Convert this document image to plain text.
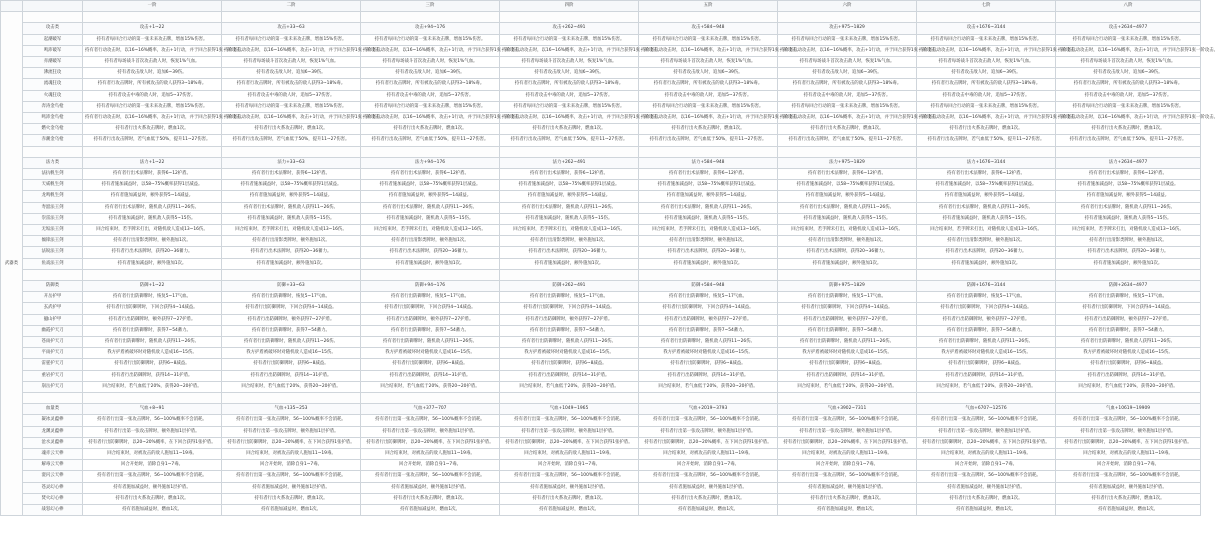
		一阶	二阶	三阶	四阶	五阶	六阶	七阶	八阶
武器类									
	攻击类	攻击+1~22	攻击+33~63	攻击+94~176	攻击+262~491	攻击+584~948	攻击+975~1829	攻击+1676~3144	攻击+2634~4977
	起潮破军	持有者每回合行动的第一张未来攻击牌，增加15%伤害。	持有者每回合行动的第一张未来攻击牌，增加15%伤害。	持有者每回合行动的第一张未来攻击牌，增加15%伤害。	持有者每回合行动的第一张未来攻击牌，增加15%伤害。	持有者每回合行动的第一张未来攻击牌，增加15%伤害。	持有者每回合行动的第一张未来攻击牌，增加15%伤害。	持有者每回合行动的第一张未来攻击牌，增加15%伤害。	持有者每回合行动的第一张未来攻击牌，增加15%伤害。
	鸣沛破军	持有者行动攻击时，以16~16%概率，攻击+1行动，并于回合获得1张一阶攻击。	持有者行动攻击时，以16~16%概率，攻击+1行动，并于回合获得1张一阶攻击。	持有者行动攻击时，以16~16%概率，攻击+1行动，并于回合获得1张一阶攻击。	持有者行动攻击时，以16~16%概率，攻击+1行动，并于回合获得1张一阶攻击。	持有者行动攻击时，以16~16%概率，攻击+1行动，并于回合获得1张一阶攻击。	持有者行动攻击时，以16~16%概率，攻击+1行动，并于回合获得1张一阶攻击。	持有者行动攻击时，以16~16%概率，攻击+1行动，并于回合获得1张一阶攻击。	持有者行动攻击时，以16~16%概率，攻击+1行动，并于回合获得1张一阶攻击。
	赤潮破军	持有者每场战斗首次攻击敌人时，恢复1%气血。	持有者每场战斗首次攻击敌人时，恢复1%气血。	持有者每场战斗首次攻击敌人时，恢复1%气血。	持有者每场战斗首次攻击敌人时，恢复1%气血。	持有者每场战斗首次攻击敌人时，恢复1%气血。	持有者每场战斗首次攻击敌人时，恢复1%气血。	持有者每场战斗首次攻击敌人时，恢复1%气血。	持有者每场战斗首次攻击敌人时，恢复1%气血。
	沸流狂攻	持有者攻击敌人时，追加6~39伤。	持有者攻击敌人时，追加6~39伤。	持有者攻击敌人时，追加6~39伤。	持有者攻击敌人时，追加6~39伤。	持有者攻击敌人时，追加6~39伤。	持有者攻击敌人时，追加6~39伤。	持有者攻击敌人时，追加6~39伤。	持有者攻击敌人时，追加6~39伤。
	流魂狂攻	持有者行攻击牌时，所有被攻击的敌人获得3~18%毒。	持有者行攻击牌时，所有被攻击的敌人获得3~18%毒。	持有者行攻击牌时，所有被攻击的敌人获得3~18%毒。	持有者行攻击牌时，所有被攻击的敌人获得3~18%毒。	持有者行攻击牌时，所有被攻击的敌人获得3~18%毒。	持有者行攻击牌时，所有被攻击的敌人获得3~18%毒。	持有者行攻击牌时，所有被攻击的敌人获得3~18%毒。	持有者行攻击牌时，所有被攻击的敌人获得3~18%毒。
	火魂狂攻	持有者攻击中毒的敌人时，追加5~37伤害。	持有者攻击中毒的敌人时，追加5~37伤害。	持有者攻击中毒的敌人时，追加5~37伤害。	持有者攻击中毒的敌人时，追加5~37伤害。	持有者攻击中毒的敌人时，追加5~37伤害。	持有者攻击中毒的敌人时，追加5~37伤害。	持有者攻击中毒的敌人时，追加5~37伤害。	持有者攻击中毒的敌人时，追加5~37伤害。
	奔涛金鸟枪	持有者每回合行动的第一张未来攻击牌，增加15%伤害。	持有者每回合行动的第一张未来攻击牌，增加15%伤害。	持有者每回合行动的第一张未来攻击牌，增加15%伤害。	持有者每回合行动的第一张未来攻击牌，增加15%伤害。	持有者每回合行动的第一张未来攻击牌，增加15%伤害。	持有者每回合行动的第一张未来攻击牌，增加15%伤害。	持有者每回合行动的第一张未来攻击牌，增加15%伤害。	持有者每回合行动的第一张未来攻击牌，增加15%伤害。
	鸣沛金鸟枪	持有者行动攻击时，以16~16%概率，攻击+1行动，并于回合获得1张一阶攻击。	持有者行动攻击时，以16~16%概率，攻击+1行动，并于回合获得1张一阶攻击。	持有者行动攻击时，以16~16%概率，攻击+1行动，并于回合获得1张一阶攻击。	持有者行动攻击时，以16~16%概率，攻击+1行动，并于回合获得1张一阶攻击。	持有者行动攻击时，以16~16%概率，攻击+1行动，并于回合获得1张一阶攻击。	持有者行动攻击时，以16~16%概率，攻击+1行动，并于回合获得1张一阶攻击。	持有者行动攻击时，以16~16%概率，攻击+1行动，并于回合获得1张一阶攻击。	持有者行动攻击时，以16~16%概率，攻击+1行动，并于回合获得1张一阶攻击。
	燃火金乌枪	持有者行出火系攻击牌时，燃血1次。	持有者行出火系攻击牌时，燃血1次。	持有者行出火系攻击牌时，燃血1次。	持有者行出火系攻击牌时，燃血1次。	持有者行出火系攻击牌时，燃血1次。	持有者行出火系攻击牌时，燃血1次。	持有者行出火系攻击牌时，燃血1次。	持有者行出火系攻击牌时，燃血1次。
	赤潮金乌枪	持有者行出攻击牌时，若气血低于50%，提升11~27伤害。	持有者行出攻击牌时，若气血低于50%，提升11~27伤害。	持有者行出攻击牌时，若气血低于50%，提升11~27伤害。	持有者行出攻击牌时，若气血低于50%，提升11~27伤害。	持有者行出攻击牌时，若气血低于50%，提升11~27伤害。	持有者行出攻击牌时，若气血低于50%，提升11~27伤害。	持有者行出攻击牌时，若气血低于50%，提升11~27伤害。	持有者行出攻击牌时，若气血低于50%，提升11~27伤害。

	法力类	法力+1~22	法力+33~63	法力+94~176	法力+262~491	法力+584~948	法力+975~1829	法力+1676~3144	法力+2634~4977
	法抗帆生剑	持有者行出术法牌时，获得6~12护盾。	持有者行出术法牌时，获得6~12护盾。	持有者行出术法牌时，获得6~12护盾。	持有者行出术法牌时，获得6~12护盾。	持有者行出术法牌时，获得6~12护盾。	持有者行出术法牌时，获得6~12护盾。	持有者行出术法牌时，获得6~12护盾。	持有者行出术法牌时，获得6~12护盾。
	天威帆生剑	持有者施加减益时，以58~75%概率获得1层减益。	持有者施加减益时，以58~75%概率获得1层减益。	持有者施加减益时，以58~75%概率获得1层减益。	持有者施加减益时，以58~75%概率获得1层减益。	持有者施加减益时，以58~75%概率获得1层减益。	持有者施加减益时，以58~75%概率获得1层减益。	持有者施加减益时，以58~75%概率获得1层减益。	持有者施加减益时，以58~75%概率获得1层减益。
	龙鸣帆生剑	持有者施加减益时，额外获得5~14减益。	持有者施加减益时，额外获得5~14减益。	持有者施加减益时，额外获得5~14减益。	持有者施加减益时，额外获得5~14减益。	持有者施加减益时，额外获得5~14减益。	持有者施加减益时，额外获得5~14减益。	持有者施加减益时，额外获得5~14减益。	持有者施加减益时，额外获得5~14减益。
	寿韶法王剑	持有者行出术法牌时，随机敌人获得11~26伤。	持有者行出术法牌时，随机敌人获得11~26伤。	持有者行出术法牌时，随机敌人获得11~26伤。	持有者行出术法牌时，随机敌人获得11~26伤。	持有者行出术法牌时，随机敌人获得11~26伤。	持有者行出术法牌时，随机敌人获得11~26伤。	持有者行出术法牌时，随机敌人获得11~26伤。	持有者行出术法牌时，随机敌人获得11~26伤。
	崇雷法王剑	持有者施加减益时，随机敌人获得5~15伤。	持有者施加减益时，随机敌人获得5~15伤。	持有者施加减益时，随机敌人获得5~15伤。	持有者施加减益时，随机敌人获得5~15伤。	持有者施加减益时，随机敌人获得5~15伤。	持有者施加减益时，随机敌人获得5~15伤。	持有者施加减益时，随机敌人获得5~15伤。	持有者施加减益时，随机敌人获得5~15伤。
	无垢法王剑	回合结束时，若手牌未打出，对随机敌人造成13~16伤。	回合结束时，若手牌未打出，对随机敌人造成13~16伤。	回合结束时，若手牌未打出，对随机敌人造成13~16伤。	回合结束时，若手牌未打出，对随机敌人造成13~16伤。	回合结束时，若手牌未打出，对随机敌人造成13~16伤。	回合结束时，若手牌未打出，对随机敌人造成13~16伤。	回合结束时，若手牌未打出，对随机敌人造成13~16伤。	回合结束时，若手牌未打出，对随机敌人造成13~16伤。
	倾锋法王剑	持有者行出清影类牌时，额外施加1次。	持有者行出清影类牌时，额外施加1次。	持有者行出清影类牌时，额外施加1次。	持有者行出清影类牌时，额外施加1次。	持有者行出清影类牌时，额外施加1次。	持有者行出清影类牌时，额外施加1次。	持有者行出清影类牌时，额外施加1次。	持有者行出清影类牌时，额外施加1次。
	法锐法王剑	持有者行出术法牌时，获得20~36蓄力。	持有者行出术法牌时，获得20~36蓄力。	持有者行出术法牌时，获得20~36蓄力。	持有者行出术法牌时，获得20~36蓄力。	持有者行出术法牌时，获得20~36蓄力。	持有者行出术法牌时，获得20~36蓄力。	持有者行出术法牌时，获得20~36蓄力。	持有者行出术法牌时，获得20~36蓄力。
	鱼戏法王剑	持有者施加减益时，额外施加1次。	持有者施加减益时，额外施加1次。	持有者施加减益时，额外施加1次。	持有者施加减益时，额外施加1次。	持有者施加减益时，额外施加1次。	持有者施加减益时，额外施加1次。	持有者施加减益时，额外施加1次。	持有者施加减益时，额外施加1次。

	防御类	防御+1~22	防御+33~63	防御+94~176	防御+262~491	防御+584~948	防御+975~1829	防御+1676~3144	防御+2634~4977
	开岳护甲	持有者行出防御牌时，恢复5~17气血。	持有者行出防御牌时，恢复5~17气血。	持有者行出防御牌时，恢复5~17气血。	持有者行出防御牌时，恢复5~17气血。	持有者行出防御牌时，恢复5~17气血。	持有者行出防御牌时，恢复5~17气血。	持有者行出防御牌时，恢复5~17气血。	持有者行出防御牌时，恢复5~17气血。
	玄武护甲	持有者行出防御牌时，下回合获得4~14减益。	持有者行出防御牌时，下回合获得4~14减益。	持有者行出防御牌时，下回合获得4~14减益。	持有者行出防御牌时，下回合获得4~14减益。	持有者行出防御牌时，下回合获得4~14减益。	持有者行出防御牌时，下回合获得4~14减益。	持有者行出防御牌时，下回合获得4~14减益。	持有者行出防御牌时，下回合获得4~14减益。
	撼山护甲	持有者行出防御牌时，额外获得7~27护盾。	持有者行出防御牌时，额外获得7~27护盾。	持有者行出防御牌时，额外获得7~27护盾。	持有者行出防御牌时，额外获得7~27护盾。	持有者行出防御牌时，额外获得7~27护盾。	持有者行出防御牌时，额外获得7~27护盾。	持有者行出防御牌时，额外获得7~27护盾。	持有者行出防御牌时，额外获得7~27护盾。
	幽霞护天刀	持有者行出防御牌时，获得7~54蓄力。	持有者行出防御牌时，获得7~54蓄力。	持有者行出防御牌时，获得7~54蓄力。	持有者行出防御牌时，获得7~54蓄力。	持有者行出防御牌时，获得7~54蓄力。	持有者行出防御牌时，获得7~54蓄力。	持有者行出防御牌时，获得7~54蓄力。	持有者行出防御牌时，获得7~54蓄力。
	苍雨护天刀	持有者行出防御牌时，随机敌人获得11~26伤。	持有者行出防御牌时，随机敌人获得11~26伤。	持有者行出防御牌时，随机敌人获得11~26伤。	持有者行出防御牌时，随机敌人获得11~26伤。	持有者行出防御牌时，随机敌人获得11~26伤。	持有者行出防御牌时，随机敌人获得11~26伤。	持有者行出防御牌时，随机敌人获得11~26伤。	持有者行出防御牌时，随机敌人获得11~26伤。
	平雨护天刀	我方护盾被破坏时对随机敌人造成16~15伤。	我方护盾被破坏时对随机敌人造成16~15伤。	我方护盾被破坏时对随机敌人造成16~15伤。	我方护盾被破坏时对随机敌人造成16~15伤。	我方护盾被破坏时对随机敌人造成16~15伤。	我方护盾被破坏时对随机敌人造成16~15伤。	我方护盾被破坏时对随机敌人造成16~15伤。	我方护盾被破坏时对随机敌人造成16~15伤。
	雷霆护天刀	持有者行出防御牌时，获得6~8减益。	持有者行出防御牌时，获得6~8减益。	持有者行出防御牌时，获得6~8减益。	持有者行出防御牌时，获得6~8减益。	持有者行出防御牌时，获得6~8减益。	持有者行出防御牌时，获得6~8减益。	持有者行出防御牌时，获得6~8减益。	持有者行出防御牌时，获得6~8减益。
	重岩护天刀	持有者行出防御牌时，获得14~31护盾。	持有者行出防御牌时，获得14~31护盾。	持有者行出防御牌时，获得14~31护盾。	持有者行出防御牌时，获得14~31护盾。	持有者行出防御牌时，获得14~31护盾。	持有者行出防御牌时，获得14~31护盾。	持有者行出防御牌时，获得14~31护盾。	持有者行出防御牌时，获得14~31护盾。
	崩岳护天刀	回合结束时，若气血低于20%，获得20~20护盾。	回合结束时，若气血低于20%，获得20~20护盾。	回合结束时，若气血低于20%，获得20~20护盾。	回合结束时，若气血低于20%，获得20~20护盾。	回合结束时，若气血低于20%，获得20~20护盾。	回合结束时，若气血低于20%，获得20~20护盾。	回合结束时，若气血低于20%，获得20~20护盾。	回合结束时，若气血低于20%，获得20~20护盾。

	血量类	气血+8~91	气血+135~253	气血+377~707	气血+1049~1965	气血+2019~3793	气血+3902~7311	气血+6707~12576	气血+10619~19909
	凝冰灵蕴棒	持有者行出第一张攻击牌时，56~100%概率不会消耗。	持有者行出第一张攻击牌时，56~100%概率不会消耗。	持有者行出第一张攻击牌时，56~100%概率不会消耗。	持有者行出第一张攻击牌时，56~100%概率不会消耗。	持有者行出第一张攻击牌时，56~100%概率不会消耗。	持有者行出第一张攻击牌时，56~100%概率不会消耗。	持有者行出第一张攻击牌时，56~100%概率不会消耗。	持有者行出第一张攻击牌时，56~100%概率不会消耗。
	龙渊灵蕴棒	持有者行出第一张攻击牌时，额外施加1层护盾。	持有者行出第一张攻击牌时，额外施加1层护盾。	持有者行出第一张攻击牌时，额外施加1层护盾。	持有者行出第一张攻击牌时，额外施加1层护盾。	持有者行出第一张攻击牌时，额外施加1层护盾。	持有者行出第一张攻击牌时，额外施加1层护盾。	持有者行出第一张攻击牌时，额外施加1层护盾。	持有者行出第一张攻击牌时，额外施加1层护盾。
	沧水灵蕴棒	持有者行出防御牌时，以20~20%概率，在下回合获得1张护盾。	持有者行出防御牌时，以20~20%概率，在下回合获得1张护盾。	持有者行出防御牌时，以20~20%概率，在下回合获得1张护盾。	持有者行出防御牌时，以20~20%概率，在下回合获得1张护盾。	持有者行出防御牌时，以20~20%概率，在下回合获得1张护盾。	持有者行出防御牌时，以20~20%概率，在下回合获得1张护盾。	持有者行出防御牌时，以20~20%概率，在下回合获得1张护盾。	持有者行出防御牌时，以20~20%概率，在下回合获得1张护盾。
	魂赤云天棒	回合结束时，对被攻击的敌人施加11~19毒。	回合结束时，对被攻击的敌人施加11~19毒。	回合结束时，对被攻击的敌人施加11~19毒。	回合结束时，对被攻击的敌人施加11~19毒。	回合结束时，对被攻击的敌人施加11~19毒。	回合结束时，对被攻击的敌人施加11~19毒。	回合结束时，对被攻击的敌人施加11~19毒。	回合结束时，对被攻击的敌人施加11~19毒。
	解毒云天棒	回合开始时，消除自身1~7毒。	回合开始时，消除自身1~7毒。	回合开始时，消除自身1~7毒。	回合开始时，消除自身1~7毒。	回合开始时，消除自身1~7毒。	回合开始时，消除自身1~7毒。	回合开始时，消除自身1~7毒。	回合开始时，消除自身1~7毒。
	澄闪云天棒	持有者行出第一张攻击牌时，56~100%概率不会消耗。	持有者行出第一张攻击牌时，56~100%概率不会消耗。	持有者行出第一张攻击牌时，56~100%概率不会消耗。	持有者行出第一张攻击牌时，56~100%概率不会消耗。	持有者行出第一张攻击牌时，56~100%概率不会消耗。	持有者行出第一张攻击牌时，56~100%概率不会消耗。	持有者行出第一张攻击牌时，56~100%概率不会消耗。	持有者行出第一张攻击牌时，56~100%概率不会消耗。
	苍灵幻心棒	持有者施加减益时，额外施加1层护盾。	持有者施加减益时，额外施加1层护盾。	持有者施加减益时，额外施加1层护盾。	持有者施加减益时，额外施加1层护盾。	持有者施加减益时，额外施加1层护盾。	持有者施加减益时，额外施加1层护盾。	持有者施加减益时，额外施加1层护盾。	持有者施加减益时，额外施加1层护盾。
	焚火幻心棒	持有者行出火系攻击牌时，燃血1次。	持有者行出火系攻击牌时，燃血1次。	持有者行出火系攻击牌时，燃血1次。	持有者行出火系攻击牌时，燃血1次。	持有者行出火系攻击牌时，燃血1次。	持有者行出火系攻击牌时，燃血1次。	持有者行出火系攻击牌时，燃血1次。	持有者行出火系攻击牌时，燃血1次。
	战怒幻心棒	持有者施加减益时，燃血1次。	持有者施加减益时，燃血1次。	持有者施加减益时，燃血1次。	持有者施加减益时，燃血1次。	持有者施加减益时，燃血1次。	持有者施加减益时，燃血1次。	持有者施加减益时，燃血1次。	持有者施加减益时，燃血1次。
